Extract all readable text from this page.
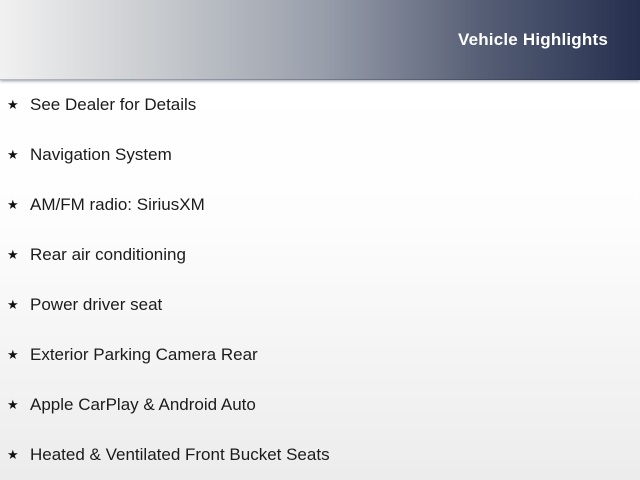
Vehicle Highlights
★ See Dealer for Details
★ Navigation System
★ AM/FM radio: SiriusXM
★ Rear air conditioning
★ Power driver seat
★ Exterior Parking Camera Rear
★ Apple CarPlay & Android Auto
★ Heated & Ventilated Front Bucket Seats
